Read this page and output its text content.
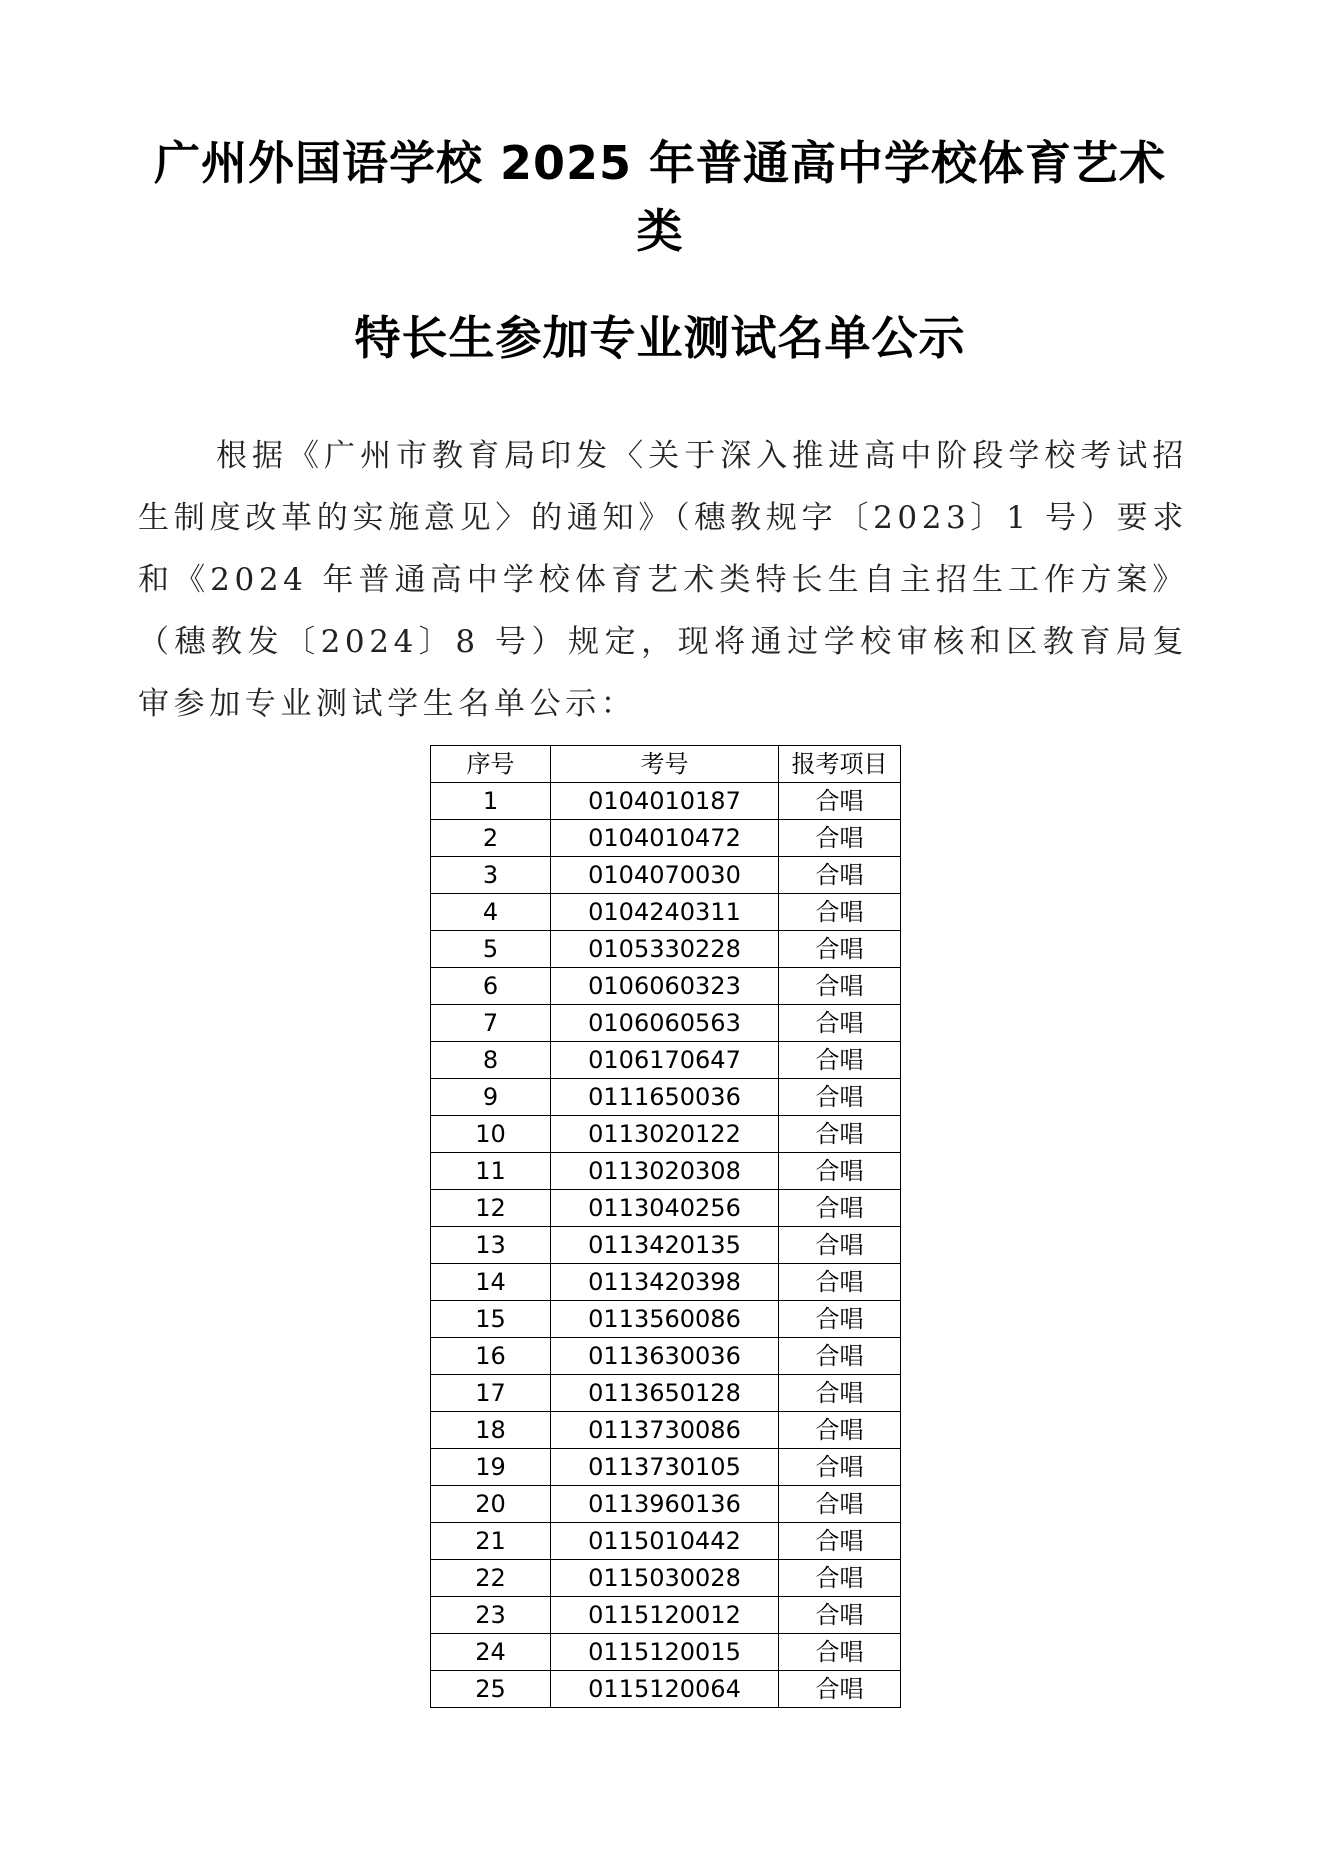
广州外国语学校 2025 年普通高中学校体育艺术
类
特长生参加专业测试名单公示

根据《广州市教育局印发〈关于深入推进高中阶段学校考试招生制度改革的实施意见〉的通知》（穗教规字〔2023〕1 号）要求和《2024 年普通高中学校体育艺术类特长生自主招生工作方案》（穗教发〔2024〕8 号）规定，现将通过学校审核和区教育局复审参加专业测试学生名单公示：

序号	考号	报考项目
1	0104010187	合唱
2	0104010472	合唱
3	0104070030	合唱
4	0104240311	合唱
5	0105330228	合唱
6	0106060323	合唱
7	0106060563	合唱
8	0106170647	合唱
9	0111650036	合唱
10	0113020122	合唱
11	0113020308	合唱
12	0113040256	合唱
13	0113420135	合唱
14	0113420398	合唱
15	0113560086	合唱
16	0113630036	合唱
17	0113650128	合唱
18	0113730086	合唱
19	0113730105	合唱
20	0113960136	合唱
21	0115010442	合唱
22	0115030028	合唱
23	0115120012	合唱
24	0115120015	合唱
25	0115120064	合唱
